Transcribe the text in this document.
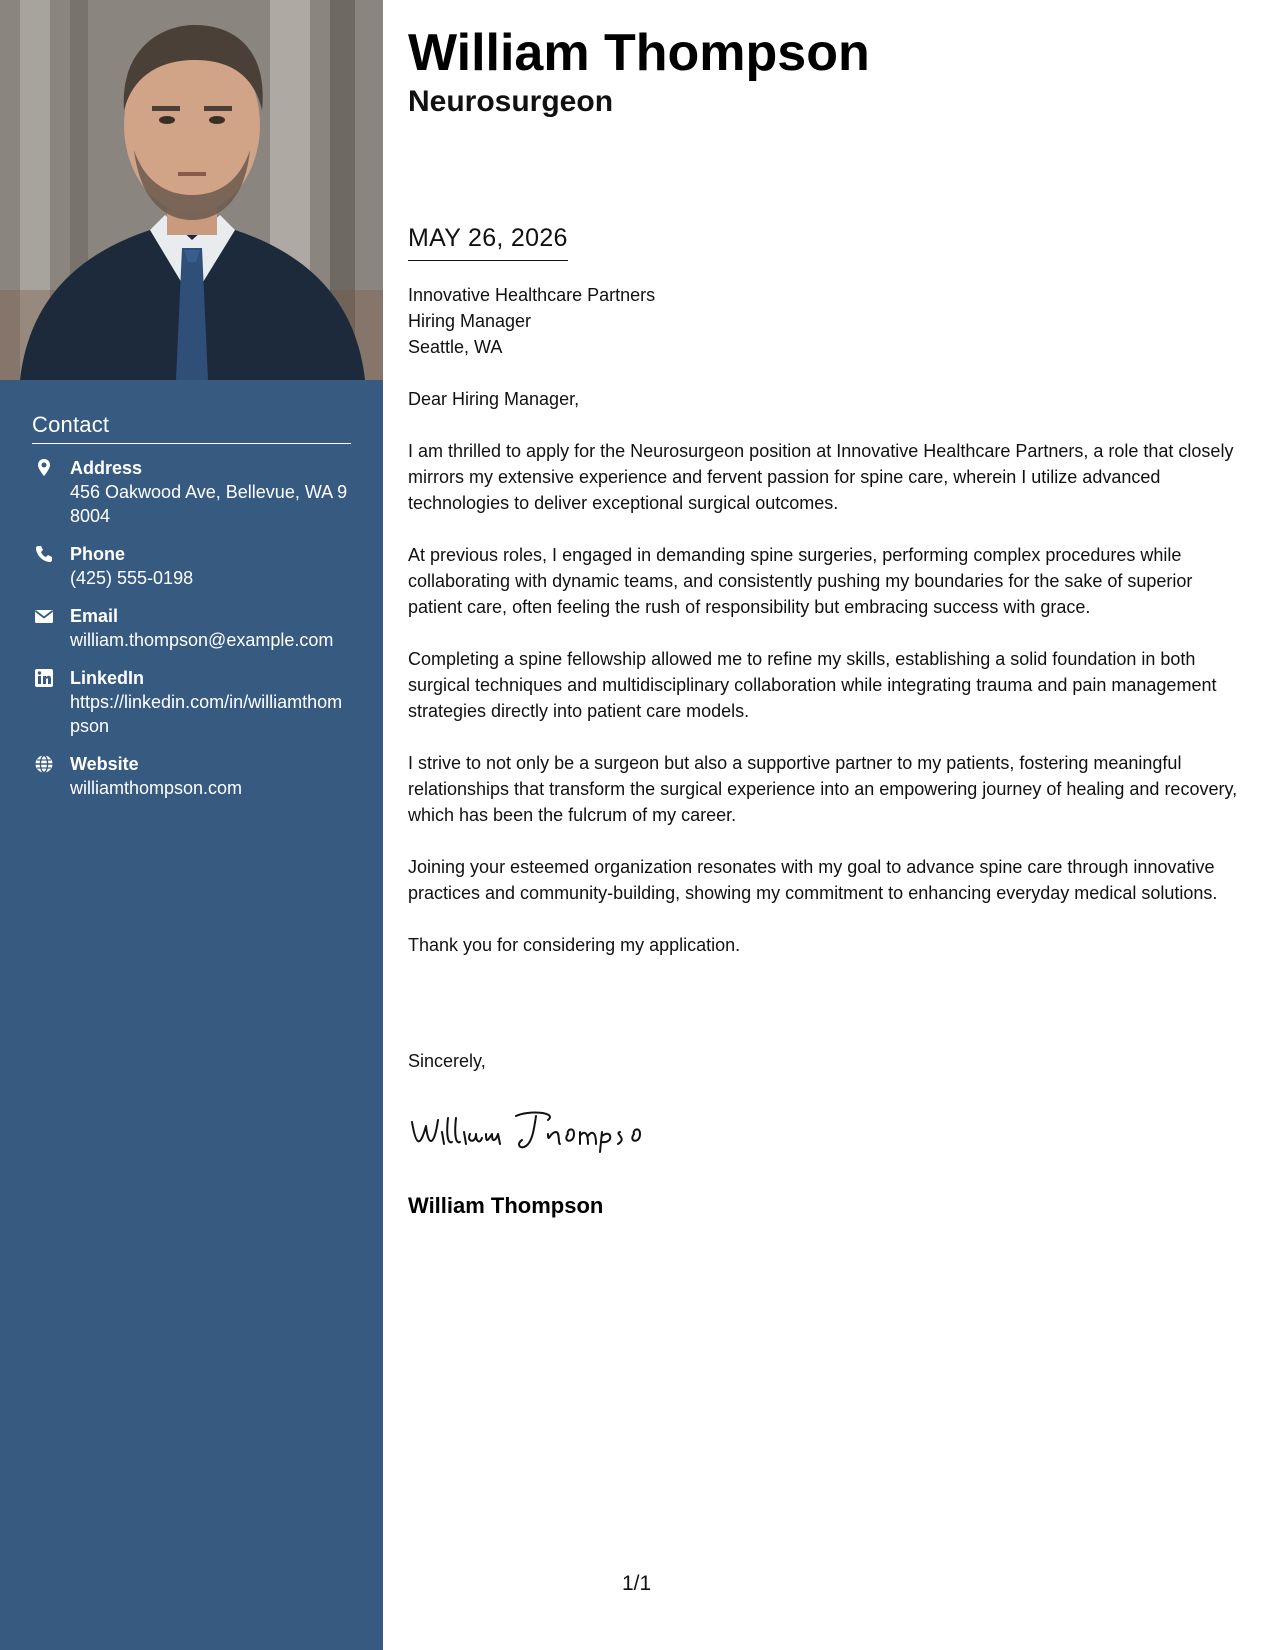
Contact
Address
456 Oakwood Ave, Bellevue, WA 98004
Phone
(425) 555-0198
Email
william.thompson@example.com
LinkedIn
https://linkedin.com/in/williamthompson
Website
williamthompson.com
William Thompson
Neurosurgeon
MAY 26, 2026

Innovative Healthcare Partners
Hiring Manager
Seattle, WA

Dear Hiring Manager,

I am thrilled to apply for the Neurosurgeon position at Innovative Healthcare Partners, a role that closely mirrors my extensive experience and fervent passion for spine care, wherein I utilize advanced technologies to deliver exceptional surgical outcomes.

At previous roles, I engaged in demanding spine surgeries, performing complex procedures while collaborating with dynamic teams, and consistently pushing my boundaries for the sake of superior patient care, often feeling the rush of responsibility but embracing success with grace.

Completing a spine fellowship allowed me to refine my skills, establishing a solid foundation in both surgical techniques and multidisciplinary collaboration while integrating trauma and pain management strategies directly into patient care models.

I strive to not only be a surgeon but also a supportive partner to my patients, fostering meaningful relationships that transform the surgical experience into an empowering journey of healing and recovery, which has been the fulcrum of my career.

Joining your esteemed organization resonates with my goal to advance spine care through innovative practices and community-building, showing my commitment to enhancing everyday medical solutions.

Thank you for considering my application.

Sincerely,
William Thompson
1/1
